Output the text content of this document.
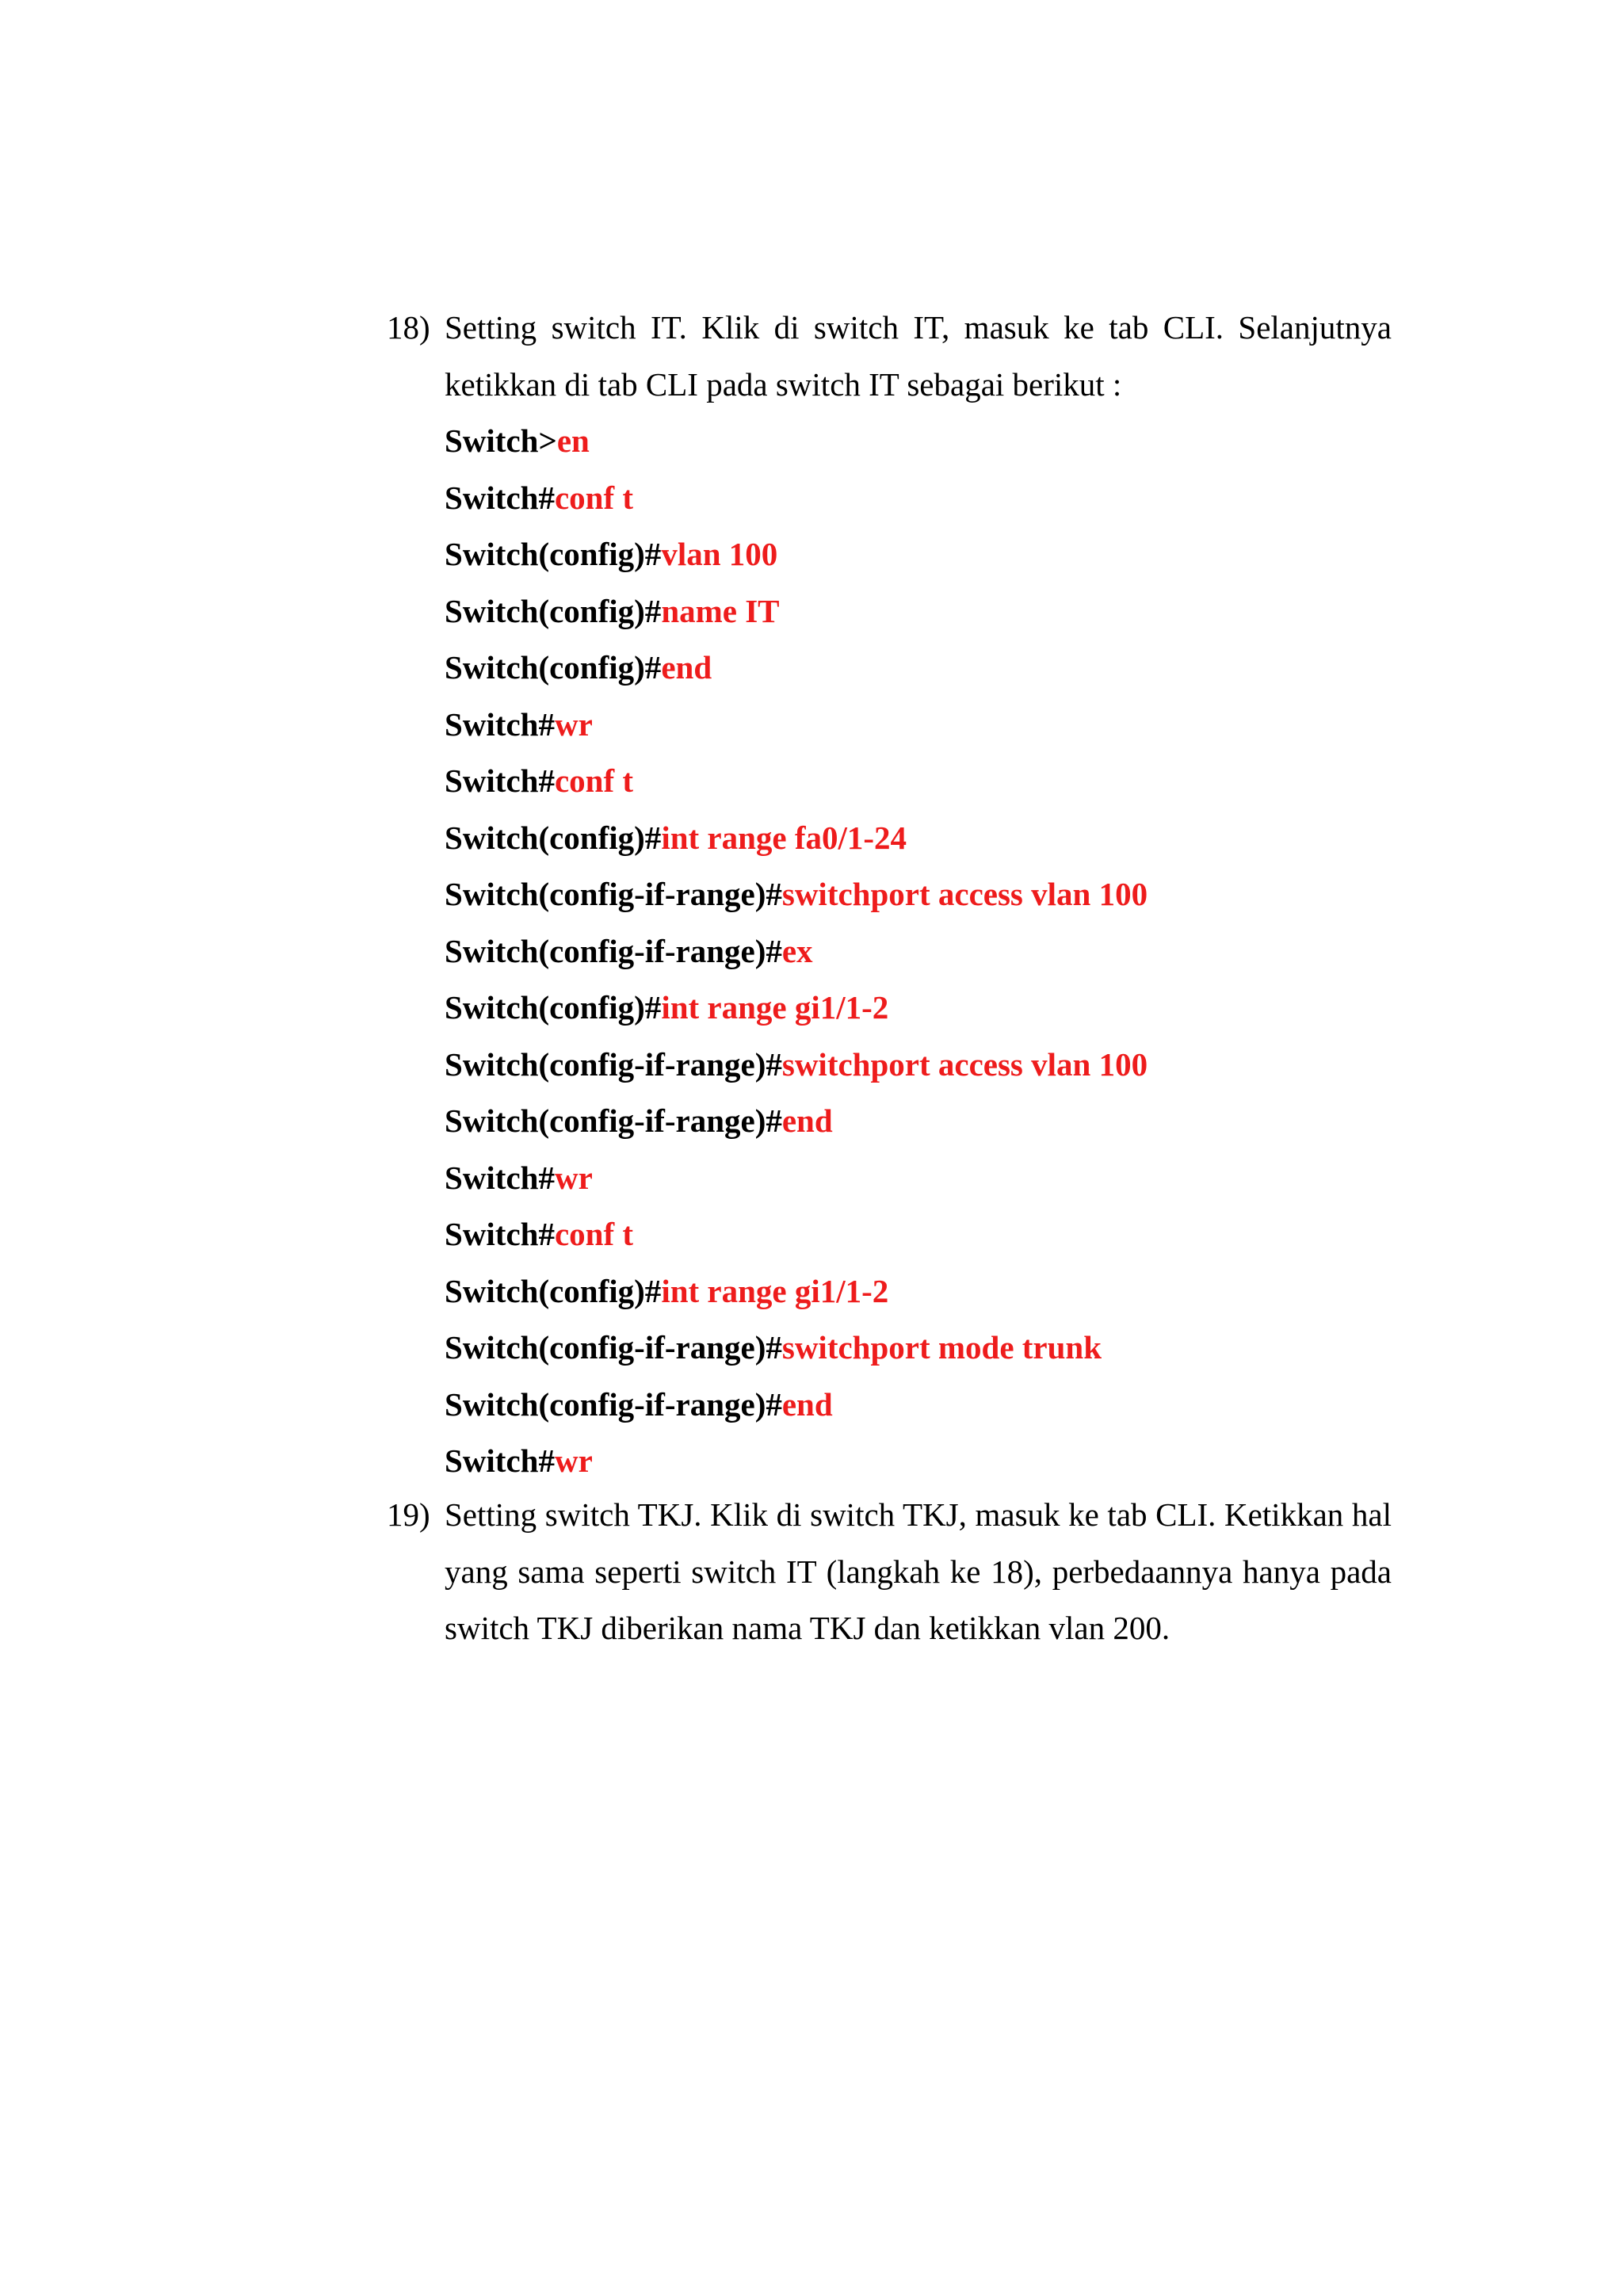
18) Setting switch IT. Klik di switch IT, masuk ke tab CLI. Selanjutnya ketikkan di tab CLI pada switch IT sebagai berikut :
Switch>en
Switch#conf t
Switch(config)#vlan 100
Switch(config)#name IT
Switch(config)#end
Switch#wr
Switch#conf t
Switch(config)#int range fa0/1-24
Switch(config-if-range)#switchport access vlan 100
Switch(config-if-range)#ex
Switch(config)#int range gi1/1-2
Switch(config-if-range)#switchport access vlan 100
Switch(config-if-range)#end
Switch#wr
Switch#conf t
Switch(config)#int range gi1/1-2
Switch(config-if-range)#switchport mode trunk
Switch(config-if-range)#end
Switch#wr
19) Setting switch TKJ. Klik di switch TKJ, masuk ke tab CLI. Ketikkan hal yang sama seperti switch IT (langkah ke 18), perbedaannya hanya pada switch TKJ diberikan nama TKJ dan ketikkan vlan 200.
